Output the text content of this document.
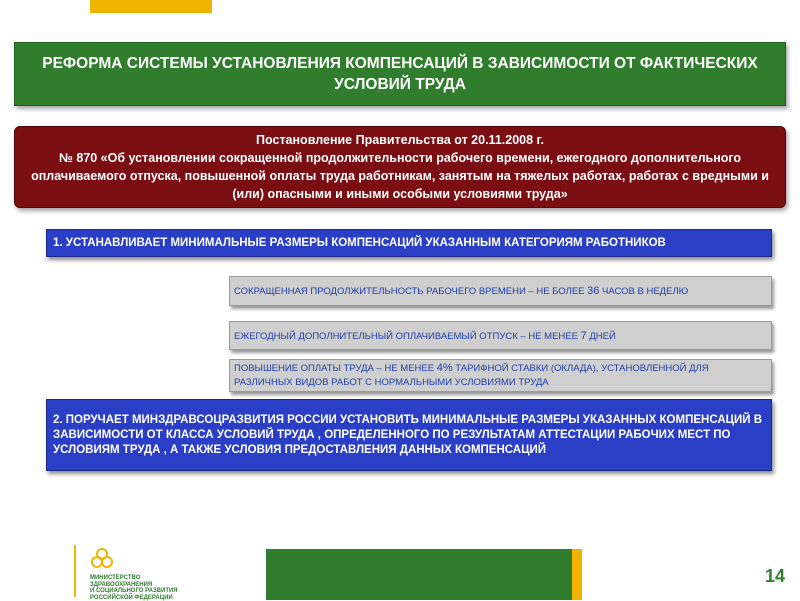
РЕФОРМА СИСТЕМЫ УСТАНОВЛЕНИЯ КОМПЕНСАЦИЙ В ЗАВИСИМОСТИ ОТ ФАКТИЧЕСКИХ УСЛОВИЙ ТРУДА
Постановление Правительства от 20.11.2008 г.
№ 870 «Об установлении сокращенной продолжительности рабочего времени, ежегодного дополнительного оплачиваемого отпуска, повышенной оплаты труда работникам, занятым на тяжелых работах, работах с вредными и (или) опасными и иными особыми условиями труда»
1. УСТАНАВЛИВАЕТ МИНИМАЛЬНЫЕ РАЗМЕРЫ КОМПЕНСАЦИЙ УКАЗАННЫМ КАТЕГОРИЯМ РАБОТНИКОВ
СОКРАЩЕННАЯ ПРОДОЛЖИТЕЛЬНОСТЬ РАБОЧЕГО ВРЕМЕНИ – НЕ БОЛЕЕ 36 ЧАСОВ В НЕДЕЛЮ
ЕЖЕГОДНЫЙ ДОПОЛНИТЕЛЬНЫЙ ОПЛАЧИВАЕМЫЙ ОТПУСК – НЕ МЕНЕЕ 7 ДНЕЙ
ПОВЫШЕНИЕ ОПЛАТЫ ТРУДА – НЕ МЕНЕЕ 4% ТАРИФНОЙ СТАВКИ (ОКЛАДА), УСТАНОВЛЕННОЙ ДЛЯ РАЗЛИЧНЫХ ВИДОВ РАБОТ С НОРМАЛЬНЫМИ УСЛОВИЯМИ ТРУДА
2. ПОРУЧАЕТ МИНЗДРАВСОЦРАЗВИТИЯ РОССИИ УСТАНОВИТЬ МИНИМАЛЬНЫЕ РАЗМЕРЫ УКАЗАННЫХ КОМПЕНСАЦИЙ В ЗАВИСИМОСТИ ОТ КЛАССА УСЛОВИЙ ТРУДА , ОПРЕДЕЛЕННОГО ПО РЕЗУЛЬТАТАМ АТТЕСТАЦИИ РАБОЧИХ МЕСТ ПО УСЛОВИЯМ ТРУДА , А ТАКЖЕ УСЛОВИЯ ПРЕДОСТАВЛЕНИЯ ДАННЫХ КОМПЕНСАЦИЙ
МИНИСТЕРСТВО
ЗДРАВООХРАНЕНИЯ
И СОЦИАЛЬНОГО РАЗВИТИЯ
РОССИЙСКОЙ ФЕДЕРАЦИИ
14
